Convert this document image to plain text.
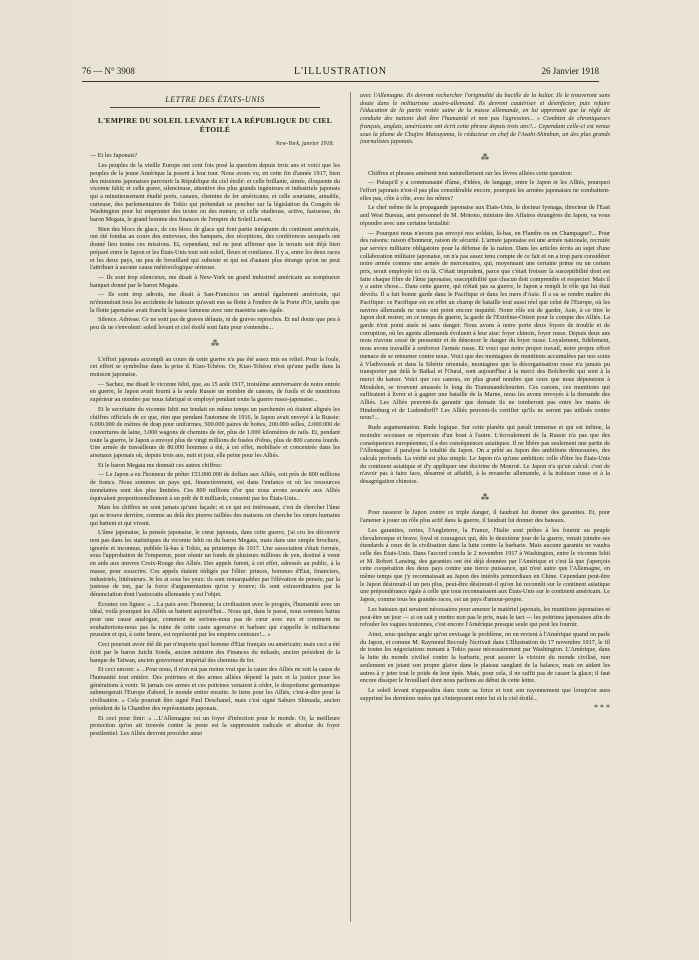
76 — N° 3908	L'ILLUSTRATION	26 Janvier 1918
LETTRE DES ÉTATS-UNIS
L'EMPIRE DU SOLEIL LEVANT ET LA RÉPUBLIQUE DU CIEL ÉTOILÉ
New-York, janvier 1918.

— Et les Japonais?

Les peuples de la vieille Europe ont cent fois posé la question depuis trois ans et voici que les peuples de la jeune Amérique la posent à leur tour. Nous avons vu, en cette fin d'année 1917, bien des missions japonaises parcourir la République du ciel étoilé: et celle brillante, aimée, éloquente du vicomte Ishii; et celle grave, silencieuse, attentive des plus grands ingénieurs et industriels japonais qui a minutieusement étudié ports, canaux, chemins de fer américains; et celle souriante, aimable, curieuse, des parlementaires de Tokio qui prétendait se pencher sur la législation du Congrès de Washington pour lui emprunter des textes ou des mœurs; et celle studieuse, active, fastueuse, du baron Megata, le grand homme des finances de l'empire du Soleil Levant.

Bien des blocs de glace, de ces blocs de glace qui font partie intégrante du continent américain, ont été fondus au cours des entrevues, des banquets, des réceptions, des conférences auxquels ont donné lieu toutes ces missions. Et, cependant, nul ne peut affirmer que le terrain soit déjà bien préparé entre le Japon et les États-Unis tout soit soleil, fleurs et confiance. Il y a, entre les deux races et les deux pays, un peu de brouillard qui subsiste et qui est d'autant plus étrange qu'on ne peut l'attribuer à aucune cause météorologique sérieuse.

— Ils sont trop silencieux, me disait à New-York un grand industriel américain au somptueux banquet donné par le baron Megata.

— Ils sont trop adroits, me disait à San-Francisco un amiral également américain, qui m'énumérait tous les accidents de bateaux qu'avait eus sa flotte à l'ombre de la Porte d'Or, tandis que la flotte japonaise avait franchi la passe fameuse avec une maestria sans égale.

Silence. Adresse. Ce ne sont pas de graves défauts, ni de graves reproches. Et nul doute que peu à peu ils ne s'envolent: soleil levant et ciel étoilé sont faits pour s'entendre...

⁂

L'effort japonais accompli au cours de cette guerre n'a pas été assez mis en relief. Pour la foule, cet effort se symbolise dans la prise d. Kiao-Tchéou. Or, Kiao-Tchéou n'est qu'une paille dans la moisson japonaise.

— Sachez, me disait le vicomte Ishii, que, au 15 août 1917, troisième anniversaire de notre entrée en guerre, le Japon avait fourni à la seule Russie un nombre de canons, de fusils et de munitions supérieur au nombre par nous fabriqué et employé pendant toute la guerre russo-japonaise...

Et le secrétaire du vicomte Ishii me tendait en même temps un parchemin où étaient alignés les chiffres officiels de ce que, rien que pendant l'automne de 1916, le Japon avait envoyé à la Russie: 6.000.000 de mètres de drap pour uniformes, 500.000 paires de bottes, 200.000 selles, 2.000.000 de couvertures de laine, 3.000 wagons de chemins de fer, plus de 1.000 kilomètres de rails. Et, pendant toute la guerre, le Japon a envoyé plus de vingt millions de fusées d'obus, plus de 800 canons lourds. Une armée de travailleurs de 80.000 hommes a été, à cet effet, mobilisée et concentrée dans les arsenaux japonais où, depuis trois ans, nuit et jour, elle peine pour les Alliés.

Et le baron Megata me donnait ces autres chiffres:

— Le Japon a eu l'honneur de prêter 153.000.000 de dollars aux Alliés, soit près de 800 millions de francs. Nous sommes un pays qui, financièrement, est dans l'enfance et où les ressources monétaires sont des plus limitées. Ces 800 millions d'or que nous avons avancés aux Alliés équivalent proportionnellement à un prêt de 8 milliards, consenti par les États-Unis...

Mais les chiffres ne sont jamais qu'une façade; et ce qui est intéressant, c'est de chercher l'âme qui se trouve derrière, comme au delà des pierres taillées des maisons on cherche les cœurs humains qui battent et qui vivent.

L'âme japonaise, la pensée japonaise, le cœur japonais, dans cette guerre, j'ai cru les découvrir non pas dans les statistiques du vicomte Ishii ou du baron Megata, mais dans une simple brochure, ignorée et inconnue, publiée là-bas à Tokio, au printemps de 1917. Une association s'était formée, sous l'approbation de l'empereur, pour réunir un fonds de plusieurs millions de yen, destiné à venir en aide aux œuvres Croix-Rouge des Alliés. Des appels furent, à cet effet, adressés au public, à la masse, pour souscrire. Ces appels étaient rédigés par l'élite: princes, hommes d'État, financiers, industriels, littérateurs. Je les ai sous les yeux: ils sont remarquables par l'élévation de pensée, par la justesse de ton, par la force d'argumentation qu'on y trouve; ils sont extraordinaires par la dénonciation dont l'autocratie allemande y est l'objet.

Écoutez ces lignes: « ...La paix avec l'honneur, la civilisation avec le progrès, l'humanité avec un idéal, voilà pourquoi les Alliés se battent aujourd'hui... Nous qui, dans le passé, nous sommes battus pour une cause analogue, comment ne serions-nous pas de cœur avec eux et comment ne souhaiterions-nous pas la ruine de cette caste agressive et barbare qui s'appelle le militarisme prussien et qui, à cette heure, est représenté par les empires centraux!... »

Ceci pourrait avoir été dit par n'importe quel homme d'État français ou américain; mais ceci a été écrit par le baron Juichi Soeda, ancien ministre des Finances du mikado, ancien président de la banque de Taïwan, ancien gouverneur impérial des chemins de fer.

Et ceci encore: « ...Pour nous, il n'en est pas moins vrai que la cause des Alliés ne soit la cause de l'humanité tout entière. Des poitrines et des armes alliées dépend la paix et la justice pour les générations à venir. Si jamais ces armes et ces poitrines venaient à céder, le despotisme germanique submergerait l'Europe d'abord, le monde entier ensuite. Je tiens pour les Alliés, c'est-à-dire pour la civilisation. » Cela pourrait être signé Paul Deschanel, mais c'est signé Saburo Shimada, ancien président de la Chambre des représentants japonais.

Et ceci pour finir: « ...L'Allemagne est un foyer d'infection pour le monde. Or, la meilleure protection qu'on ait trouvée contre la peste est la suppression radicale et absolue du foyer pestilentiel. Les Alliés devront procéder ainsi

avec l'Allemagne. Ils devront rechercher l'originalité du bacille de la kultur. Ils le trouveront sans doute dans le militarisme austro-allemand. Ils devront cautériser et désinfecter, puis refaire l'éducation de la partie restée saine de la masse allemande, en lui apprenant que la règle de conduite des nations doit être l'humanité et non pas l'agression... » Combien de chroniqueurs français, anglais, américains ont écrit cette phrase depuis trois ans?... Cependant celle-ci est venue sous la plume de Chujiro Matsuyama, le rédacteur en chef de l'Asahi-Shimbun, un des plus grands journalistes japonais.

⁂

Chiffres et phrases amènent tout naturellement sur les lèvres alliées cette question:

— Puisqu'il y a communauté d'âme, d'idées, de langage, entre le Japon et les Alliés, pourquoi l'effort japonais n'est-il pas plus considérable encore, pourquoi les armées japonaises ne combattent-elles pas, côte à côte, avec les nôtres?

Le chef même de la propagande japonaise aux États-Unis, le docteur Iyenaga, directeur de l'East and West Bureau, ami personnel de M. Motono, ministre des Affaires étrangères du Japon, va vous répondre avec une certaine brutalité:

— Pourquoi nous n'avons pas envoyé nos soldats, là-bas, en Flandre ou en Champagne?... Pour des raisons: raison d'honneur, raison de sécurité. L'armée japonaise est une armée nationale, recrutée par service militaire obligatoire pour la défense de la nation. Dans les articles écrits au sujet d'une collaboration militaire japonaise, on n'a pas assez tenu compte de ce fait et on a trop paru considérer notre armée comme une armée de mercenaires, qui, moyennant une certaine prime ou un certain prix, serait employée ici ou là. C'était imprudent, parce que c'était froisser la susceptibilité dont est faite chaque fibre de l'âme japonaise, susceptibilité que chacun doit comprendre et respecter. Mais il y a autre chose... Dans cette guerre, qui n'était pas sa guerre, le Japon a rempli le rôle qui lui était dévolu. Il a fait bonne garde dans le Pacifique et dans les mers d'Asie. Il a su se rendre maître du Pacifique: ce Pacifique est en effet un champ de bataille tout aussi réel que celui de l'Europe, où les navires allemands ne nous ont point encore inquiété. Notre rôle est de garder, Asie, à ce titre le Japon doit restrer, en ce temps de guerre, la garde de l'Extrême-Orient pour le compte des Alliés. La garde n'est point aisée ni sans danger. Nous avons à notre porte deux foyers de trouble et de corruption, où les agents allemands évoluent à leur aise: foyer chinois, foyer russe. Depuis deux ans nous n'avons cessé de pressentir et de dénoncer le danger du foyer russe. Loyalement, fidèlement, nous avons travaillé à renforcer l'armée russe. Et voici que notre propre travail, notre propre effort menace de se retourner contre nous. Voici que des montagnes de munitions accumulées par nos soins à Vladivostok et dans la Sibérie orientale, montagnes que la désorganisation russe n'a jamais pu transporter par delà le Baïkal et l'Oural, sont aujourd'hui à la merci des Bolcheviki qui sont à la merci du kaiser. Voici que ces canons, en plus grand nombre que ceux que nous dépensions à Moukden, se trouvent amassés le long du Transmandchourien. Ces canons, ces munitions qui suffiraient à livrer et à gagner une bataille de la Marne, nous les avons envoyés à la demande des Alliés. Les Alliés peuvent-ils garantir que demain ils ne tomberont pas entre les mains de Hindenburg et de Ludendorff? Les Alliés peuvent-ils certifier qu'ils ne seront pas utilisés contre nous?...

Rude argumentation. Rude logique. Sur cette planète qui paraît immense et qui est infime, la moindre secousse se répercute d'un bout à l'autre. L'écroulement de la Russie n'a pas que des conséquences européennes; il a des conséquences asiatiques. Il ne libère pas seulement une partie de l'Allemagne: il paralyse la totalité du Japon. On a prêté au Japon des ambitions démesurées, des calculs profonds. La vérité est plus simple. Le Japon n'a qu'une ambition: celle d'être les États-Unis du continent asiatique et d'y appliquer une doctrine de Monroë. Le Japon n'a qu'un calcul: c'est de n'avoir pas à faire face, désarmé et affaibli, à la revanche allemande, à la trahison russe et à la désagrégation chinoise.

⁂

Pour rassurer le Japon contre ce triple danger, il faudrait lui donner des garanties. Et, pour l'amener à jouer un rôle plus actif dans la guerre, il faudrait lui donner des bateaux.

Les garanties, certes, l'Angleterre, la France, l'Italie sont prêtes à les fournir au peuple chevaleresque et brave, loyal et courageux qui, dès le deuxième jour de la guerre, venait joindre ses étendards à ceux de la civilisation dans la lutte contre la barbarie. Mais aucune garantie ne vaudra celle des États-Unis. Dans l'accord conclu le 2 novembre 1917 à Washington, entre le vicomte Ishii et M. Robert Lansing, des garanties ont été déjà données par l'Amérique et c'est là que j'aperçois cette coopération des deux pays contre une tierce puissance, qui n'est autre que l'Allemagne, en même temps que j'y reconnaissait au Japon des intérêts primordiaux en Chine. Cependant peut-être le Japon désirerait-il un peu plus, peut-être désirerait-il qu'on lui reconnût sur le continent asiatique une prépondérance égale à celle que tous reconnaissent aux États-Unis sur le continent américain. Le Japon, comme tous les grandes races, est un pays d'amour-propre.

Les bateaux qui seraient nécessaires pour amener le matériel japonais, les munitions japonaises et peut-être un jour — si on sait y mettre non pas le prix, mais le tact — les poitrines japonaises afin de refouler les vagues teutonnes, c'est encore l'Amérique presque seule qui peut les fournir.

Ainsi, sous quelque angle qu'on envisage le problème, on en revient à l'Amérique quand on parle du Japon, et comme M. Raymond Recouly l'écrivait dans L'Illustration du 17 novembre 1917, le fil de toutes les négociations menant à Tokio passe nécessairement par Washington. L'Amérique, dans la lutte du monde civilisé contre la barbarie, peut assurer la victoire du monde civilisé, non seulement en jetant son propre glaive dans le plateau sanglant de la balance, mais en aidant les autres à y jeter tout le poids de leur épée. Mais, pour cela, il ne suffit pas de casser la glace; il faut encore dissiper le brouillard dont nous parlions au début de cette lettre.

Le soleil levant n'apparaîtra dans toute sa force et tout son rayonnement que lorsqu'on aura supprimé les dernières nuées qui s'interposent entre lui et le ciel étoilé...

* * *
